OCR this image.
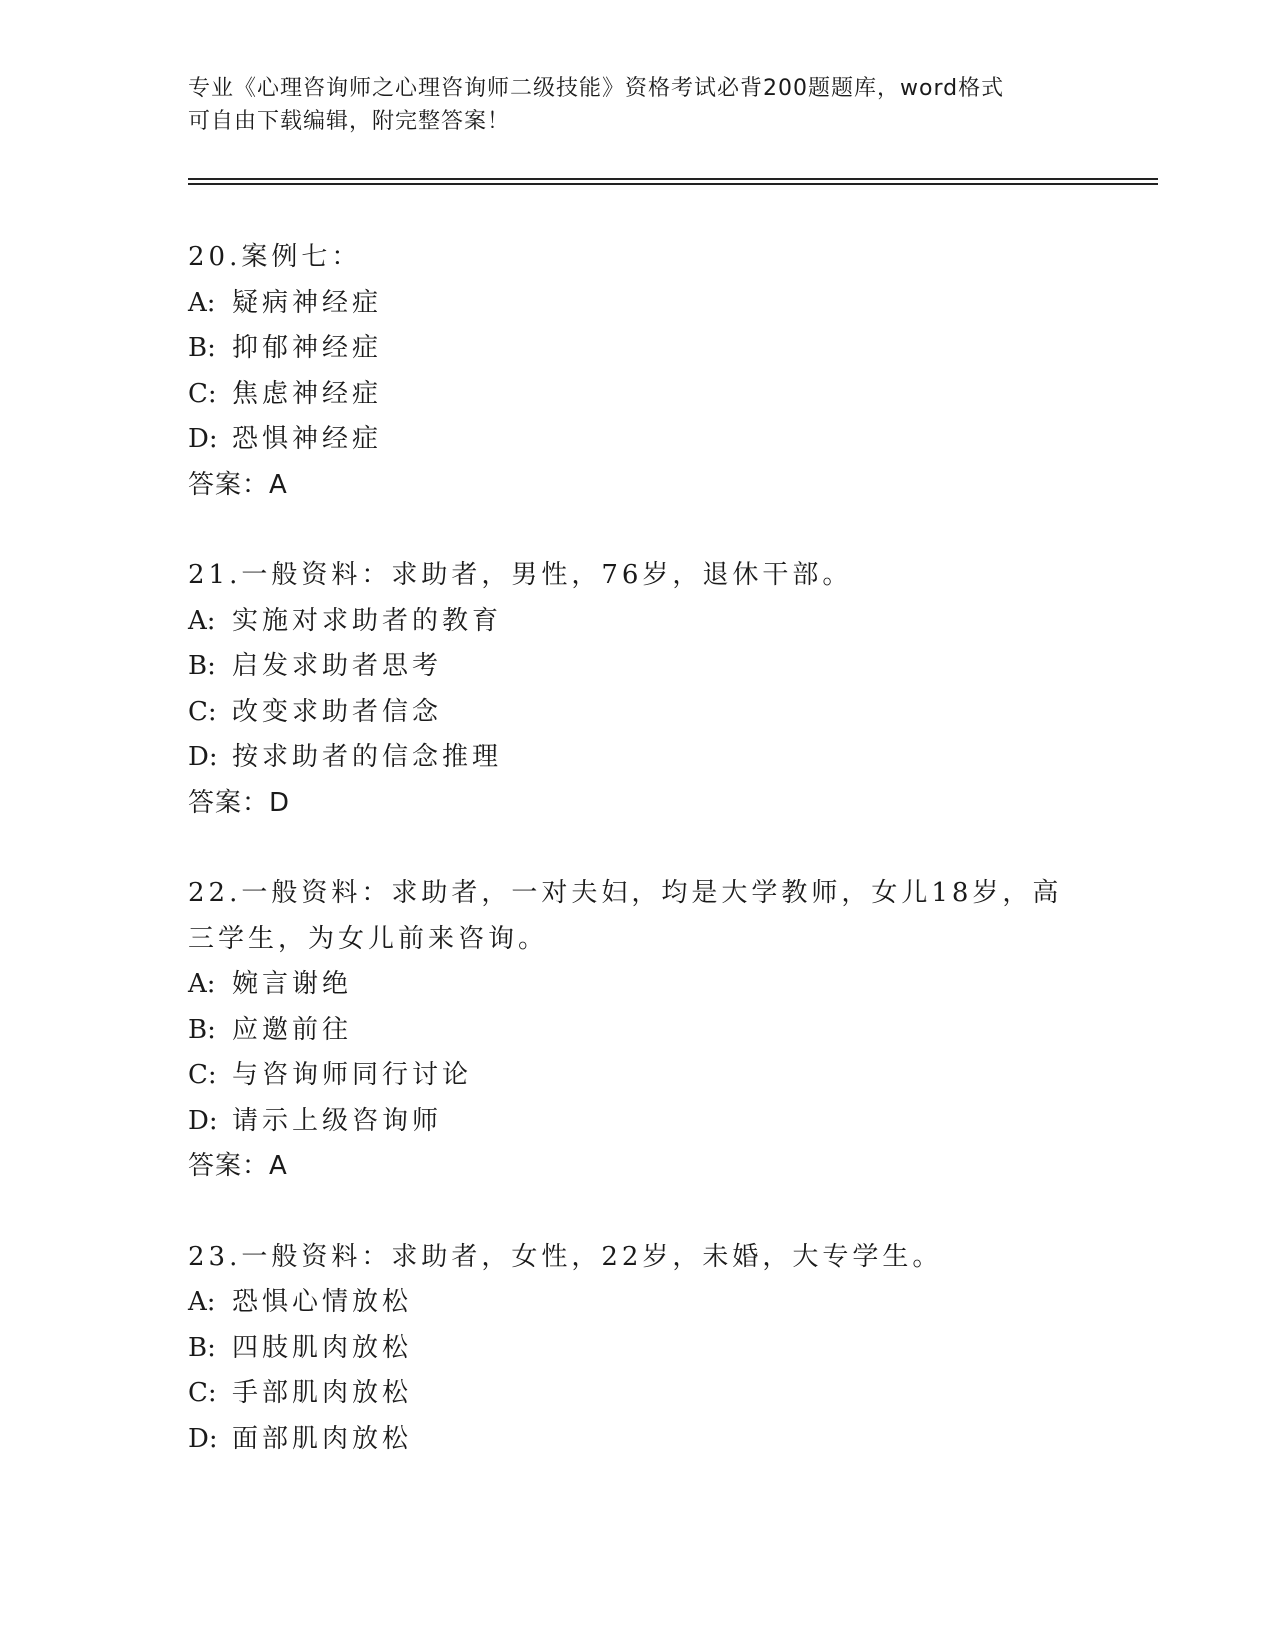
专业《心理咨询师之心理咨询师二级技能》资格考试必背200题题库，word格式
可自由下载编辑，附完整答案！
20.案例七：
A: 疑病神经症
B: 抑郁神经症
C: 焦虑神经症
D: 恐惧神经症
答案：A
21.一般资料：求助者，男性，76岁，退休干部。
A: 实施对求助者的教育
B: 启发求助者思考
C: 改变求助者信念
D: 按求助者的信念推理
答案：D
22.一般资料：求助者，一对夫妇，均是大学教师，女儿18岁，高三学生，为女儿前来咨询。
A: 婉言谢绝
B: 应邀前往
C: 与咨询师同行讨论
D: 请示上级咨询师
答案：A
23.一般资料：求助者，女性，22岁，未婚，大专学生。
A: 恐惧心情放松
B: 四肢肌肉放松
C: 手部肌肉放松
D: 面部肌肉放松
